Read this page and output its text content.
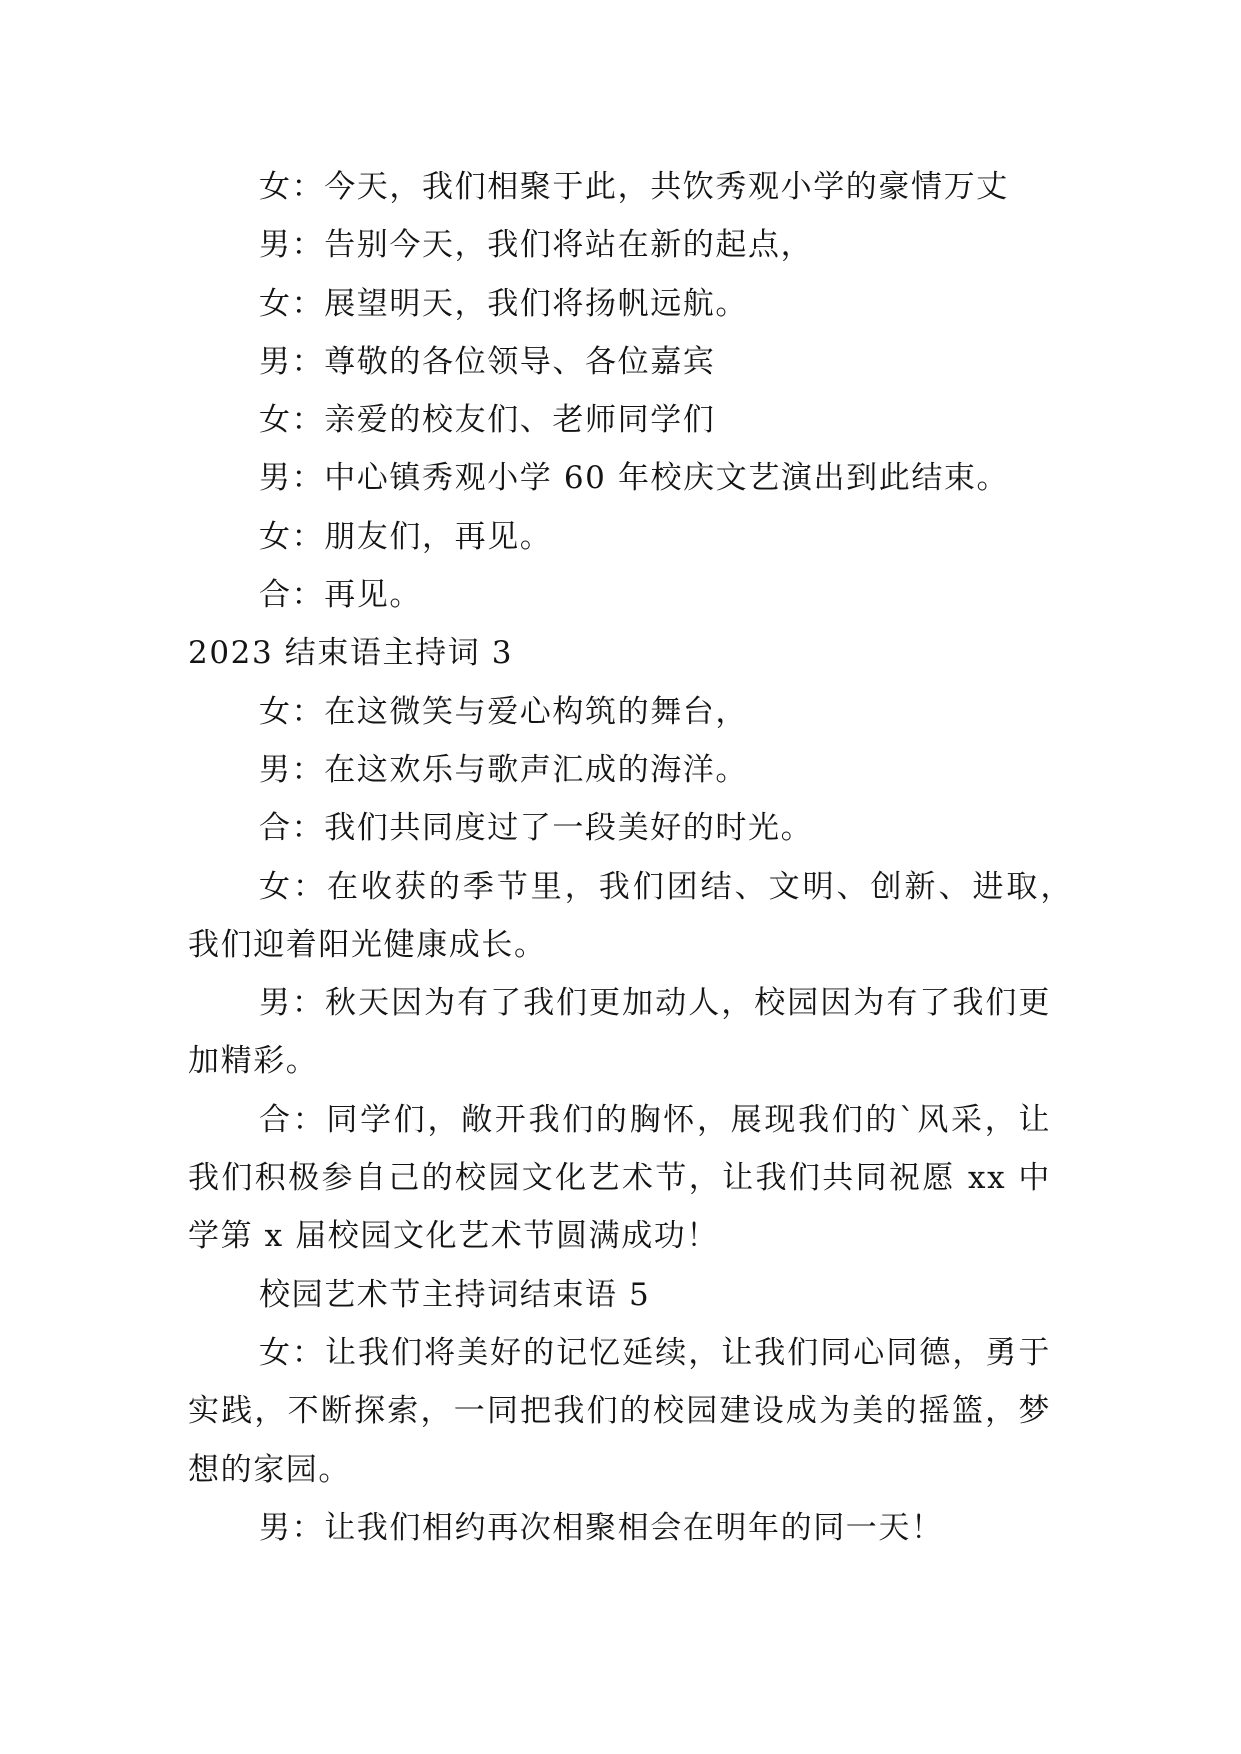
女：今天，我们相聚于此，共饮秀观小学的豪情万丈
男：告别今天，我们将站在新的起点，
女：展望明天，我们将扬帆远航。
男：尊敬的各位领导、各位嘉宾
女：亲爱的校友们、老师同学们
男：中心镇秀观小学 60 年校庆文艺演出到此结束。
女：朋友们，再见。
合：再见。
2023 结束语主持词 3
女：在这微笑与爱心构筑的舞台，
男：在这欢乐与歌声汇成的海洋。
合：我们共同度过了一段美好的时光。
女：在收获的季节里，我们团结、文明、创新、进取，
我们迎着阳光健康成长。
男：秋天因为有了我们更加动人，校园因为有了我们更
加精彩。
合：同学们，敞开我们的胸怀，展现我们的`风采，让
我们积极参自己的校园文化艺术节，让我们共同祝愿 xx 中
学第 x 届校园文化艺术节圆满成功！
校园艺术节主持词结束语 5
女：让我们将美好的记忆延续，让我们同心同德，勇于
实践，不断探索，一同把我们的校园建设成为美的摇篮，梦
想的家园。
男：让我们相约再次相聚相会在明年的同一天！
